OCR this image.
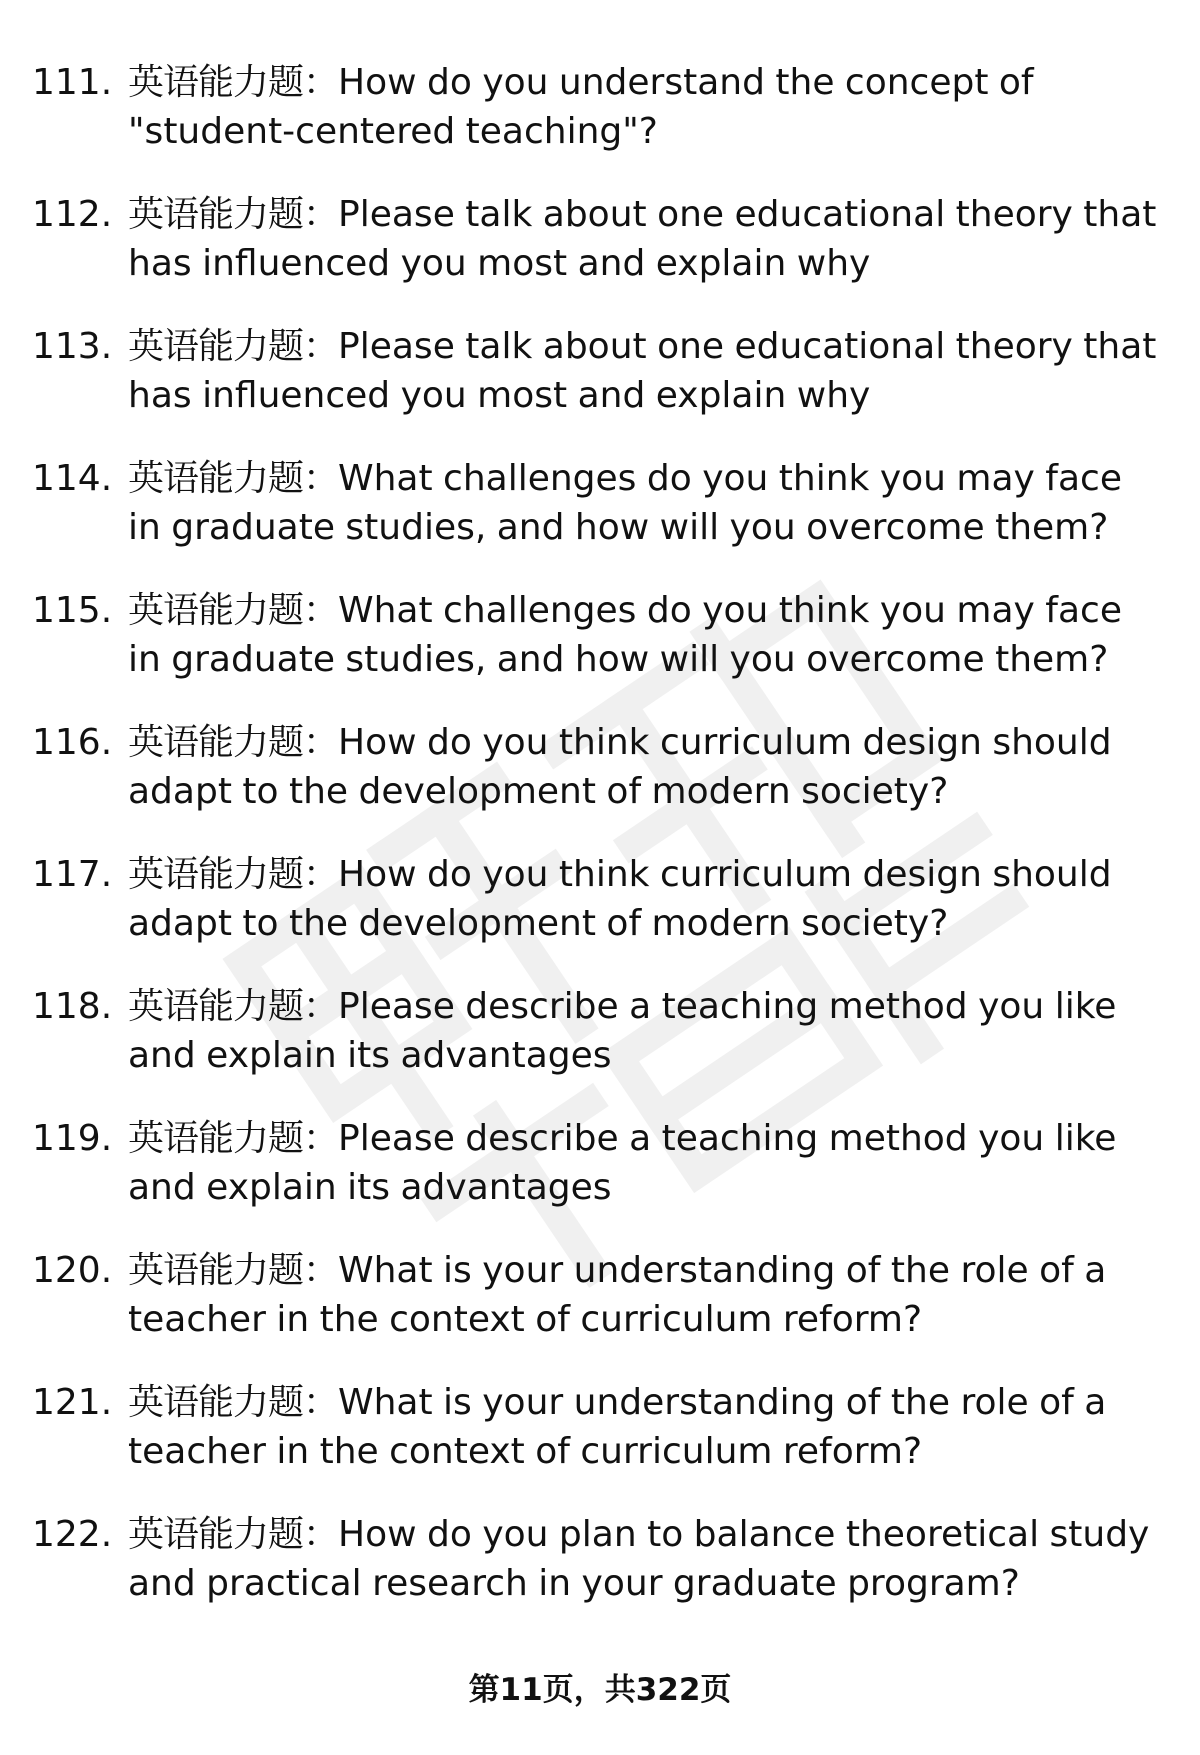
111. 英语能力题：How do you understand the concept of "student-centered teaching"?
112. 英语能力题：Please talk about one educational theory that has influenced you most and explain why
113. 英语能力题：Please talk about one educational theory that has influenced you most and explain why
114. 英语能力题：What challenges do you think you may face in graduate studies, and how will you overcome them?
115. 英语能力题：What challenges do you think you may face in graduate studies, and how will you overcome them?
116. 英语能力题：How do you think curriculum design should adapt to the development of modern society?
117. 英语能力题：How do you think curriculum design should adapt to the development of modern society?
118. 英语能力题：Please describe a teaching method you like and explain its advantages
119. 英语能力题：Please describe a teaching method you like and explain its advantages
120. 英语能力题：What is your understanding of the role of a teacher in the context of curriculum reform?
121. 英语能力题：What is your understanding of the role of a teacher in the context of curriculum reform?
122. 英语能力题：How do you plan to balance theoretical study and practical research in your graduate program?
第11页，共322页
